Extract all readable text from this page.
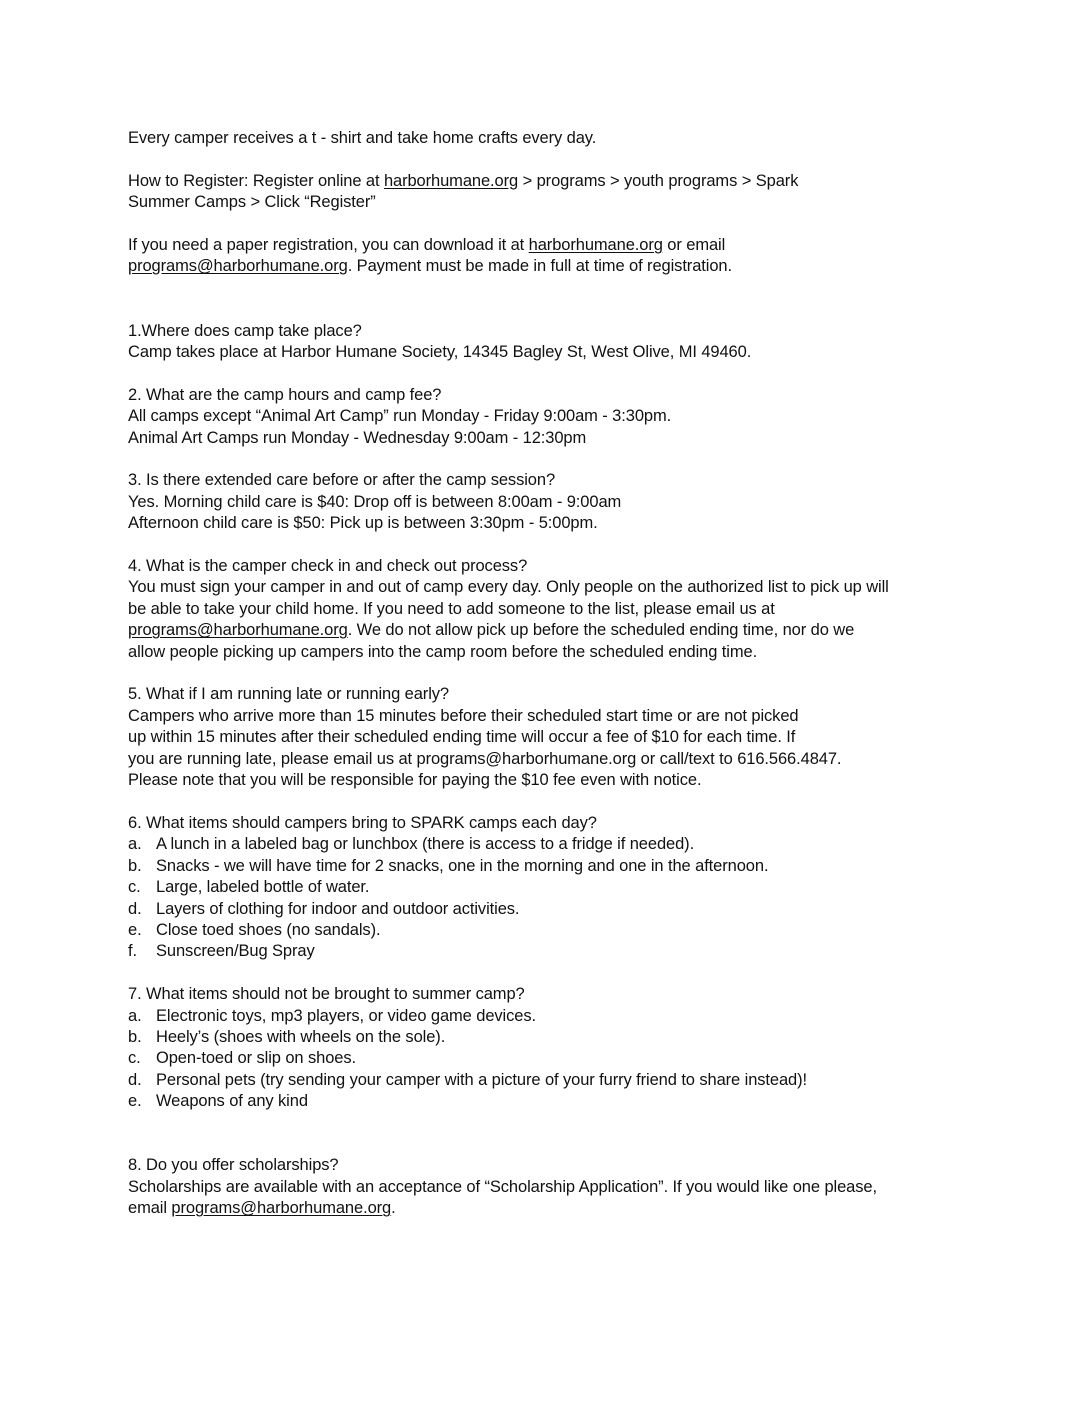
Every camper receives a t - shirt and take home crafts every day.

How to Register: Register online at harborhumane.org > programs > youth programs > Spark
Summer Camps > Click “Register”

If you need a paper registration, you can download it at harborhumane.org or email
programs@harborhumane.org. Payment must be made in full at time of registration.

1.Where does camp take place?
Camp takes place at Harbor Humane Society, 14345 Bagley St, West Olive, MI 49460.

2. What are the camp hours and camp fee?
All camps except “Animal Art Camp” run Monday - Friday 9:00am - 3:30pm.
Animal Art Camps run Monday - Wednesday 9:00am - 12:30pm

3. Is there extended care before or after the camp session?
Yes. Morning child care is $40: Drop off is between 8:00am - 9:00am
Afternoon child care is $50: Pick up is between 3:30pm - 5:00pm.

4. What is the camper check in and check out process?
You must sign your camper in and out of camp every day. Only people on the authorized list to pick up will
be able to take your child home. If you need to add someone to the list, please email us at
programs@harborhumane.org. We do not allow pick up before the scheduled ending time, nor do we
allow people picking up campers into the camp room before the scheduled ending time.

5. What if I am running late or running early?
Campers who arrive more than 15 minutes before their scheduled start time or are not picked
up within 15 minutes after their scheduled ending time will occur a fee of $10 for each time. If
you are running late, please email us at programs@harborhumane.org or call/text to 616.566.4847.
Please note that you will be responsible for paying the $10 fee even with notice.

6. What items should campers bring to SPARK camps each day?
a. A lunch in a labeled bag or lunchbox (there is access to a fridge if needed).
b. Snacks - we will have time for 2 snacks, one in the morning and one in the afternoon.
c. Large, labeled bottle of water.
d. Layers of clothing for indoor and outdoor activities.
e. Close toed shoes (no sandals).
f. Sunscreen/Bug Spray
7. What items should not be brought to summer camp?
a. Electronic toys, mp3 players, or video game devices.
b. Heely’s (shoes with wheels on the sole).
c. Open-toed or slip on shoes.
d. Personal pets (try sending your camper with a picture of your furry friend to share instead)!
e. Weapons of any kind

8. Do you offer scholarships?
Scholarships are available with an acceptance of “Scholarship Application”. If you would like one please,
email programs@harborhumane.org.
